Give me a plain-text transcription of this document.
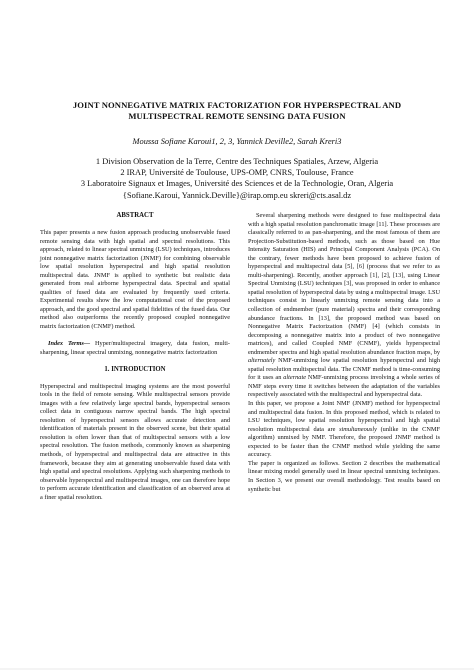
JOINT NONNEGATIVE MATRIX FACTORIZATION FOR HYPERSPECTRAL AND
MULTISPECTRAL REMOTE SENSING DATA FUSION
Moussa Sofiane Karoui1, 2, 3, Yannick Deville2, Sarah Kreri3
1 Division Observation de la Terre, Centre des Techniques Spatiales, Arzew, Algeria
2 IRAP, Université de Toulouse, UPS-OMP, CNRS, Toulouse, France
3 Laboratoire Signaux et Images, Université des Sciences et de la Technologie, Oran, Algeria
{Sofiane.Karoui, Yannick.Deville}@irap.omp.eu skreri@cts.asal.dz
ABSTRACT

This paper presents a new fusion approach producing unobservable fused remote sensing data with high spatial and spectral resolutions. This approach, related to linear spectral unmixing (LSU) techniques, introduces joint nonnegative matrix factorization (JNMF) for combining observable low spatial resolution hyperspectral and high spatial resolution multispectral data. JNMF is applied to synthetic but realistic data generated from real airborne hyperspectral data. Spectral and spatial qualities of fused data are evaluated by frequently used criteria. Experimental results show the low computational cost of the proposed approach, and the good spectral and spatial fidelities of the fused data. Our method also outperforms the recently proposed coupled nonnegative matrix factorization (CNMF) method.

Index Terms— Hyper/multispectral imagery, data fusion, multi-sharpening, linear spectral unmixing, nonnegative matrix factorization

1. INTRODUCTION

Hyperspectral and multispectral imaging systems are the most powerful tools in the field of remote sensing. While multispectral sensors provide images with a few relatively large spectral bands, hyperspectral sensors collect data in contiguous narrow spectral bands. The high spectral resolution of hyperspectral sensors allows accurate detection and identification of materials present in the observed scene, but their spatial resolution is often lower than that of multispectral sensors with a low spectral resolution. The fusion methods, commonly known as sharpening methods, of hyperspectral and multispectral data are attractive in this framework, because they aim at generating unobservable fused data with high spatial and spectral resolutions. Applying such sharpening methods to observable hyperspectral and multispectral images, one can therefore hope to perform accurate identification and classification of an observed area at a finer spatial resolution.

Several sharpening methods were designed to fuse multispectral data with a high spatial resolution panchromatic image [11]. These processes are classically referred to as pan-sharpening, and the most famous of them are Projection-Substitution-based methods, such as those based on Hue Intensity Saturation (HIS) and Principal Component Analysis (PCA). On the contrary, fewer methods have been proposed to achieve fusion of hyperspectral and multispectral data [5], [6] (process that we refer to as multi-sharpening). Recently, another approach [1], [2], [13], using Linear Spectral Unmixing (LSU) techniques [3], was proposed in order to enhance spatial resolution of hyperspectral data by using a multispectral image. LSU techniques consist in linearly unmixing remote sensing data into a collection of endmember (pure material) spectra and their corresponding abundance fractions. In [13], the proposed method was based on Nonnegative Matrix Factorization (NMF) [4] (which consists in decomposing a nonnegative matrix into a product of two nonnegative matrices), and called Coupled NMF (CNMF), yields hyperspectral endmember spectra and high spatial resolution abundance fraction maps, by alternately NMF-unmixing low spatial resolution hyperspectral and high spatial resolution multispectral data. The CNMF method is time-consuming for it uses an alternate NMF-unmixing process involving a whole series of NMF steps every time it switches between the adaptation of the variables respectively associated with the multispectral and hyperspectral data.

In this paper, we propose a Joint NMF (JNMF) method for hyperspectral and multispectral data fusion. In this proposed method, which is related to LSU techniques, low spatial resolution hyperspectral and high spatial resolution multispectral data are simultaneously (unlike in the CNMF algorithm) unmixed by NMF. Therefore, the proposed JNMF method is expected to be faster than the CNMF method while yielding the same accuracy.

The paper is organized as follows. Section 2 describes the mathematical linear mixing model generally used in linear spectral unmixing techniques. In Section 3, we present our overall methodology. Test results based on synthetic but
